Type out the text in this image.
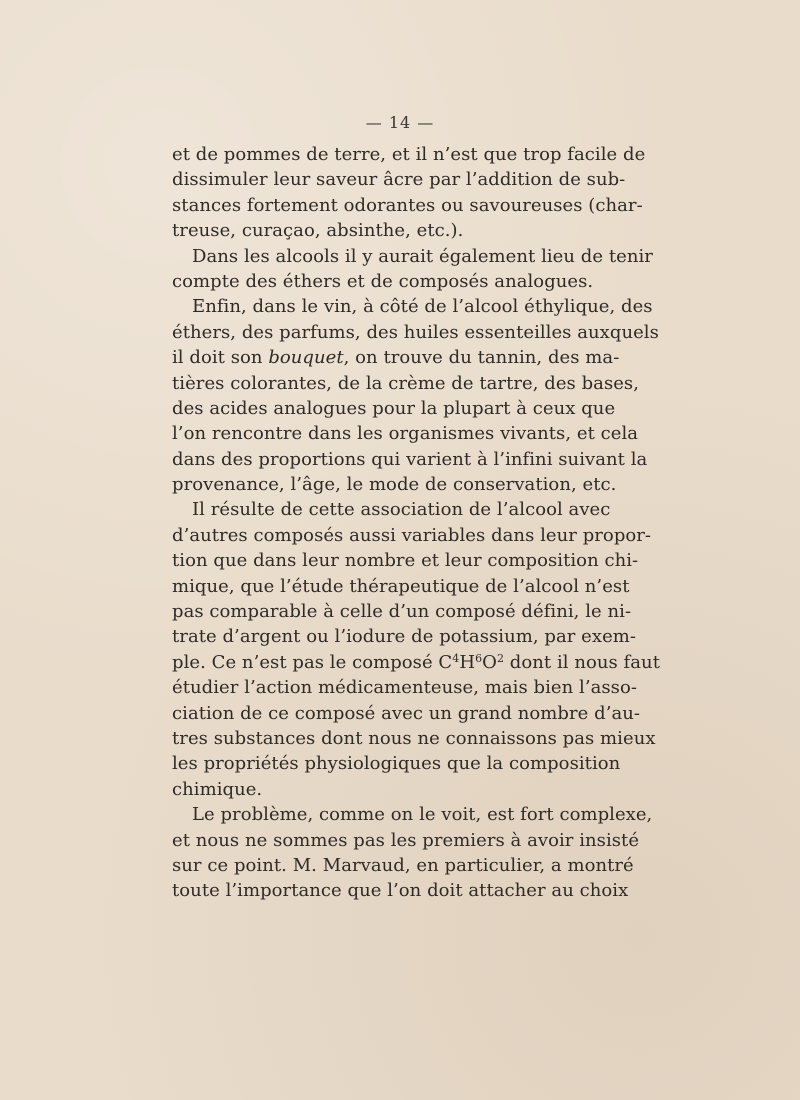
— 14 —
et de pommes de terre, et il n’est que trop facile de
dissimuler leur saveur âcre par l’addition de sub-
stances fortement odorantes ou savoureuses (char-
treuse, curaçao, absinthe, etc.).
Dans les alcools il y aurait également lieu de tenir
compte des éthers et de composés analogues.
Enfin, dans le vin, à côté de l’alcool éthylique, des
éthers, des parfums, des huiles essenteilles auxquels
il doit son bouquet, on trouve du tannin, des ma-
tières colorantes, de la crème de tartre, des bases,
des acides analogues pour la plupart à ceux que
l’on rencontre dans les organismes vivants, et cela
dans des proportions qui varient à l’infini suivant la
provenance, l’âge, le mode de conservation, etc.
Il résulte de cette association de l’alcool avec
d’autres composés aussi variables dans leur propor-
tion que dans leur nombre et leur composition chi-
mique, que l’étude thérapeutique de l’alcool n’est
pas comparable à celle d’un composé défini, le ni-
trate d’argent ou l’iodure de potassium, par exem-
ple. Ce n’est pas le composé $C^4H^6O^2$ dont il nous faut
étudier l’action médicamenteuse, mais bien l’asso-
ciation de ce composé avec un grand nombre d’au-
tres substances dont nous ne connaissons pas mieux
les propriétés physiologiques que la composition
chimique.
Le problème, comme on le voit, est fort complexe,
et nous ne sommes pas les premiers à avoir insisté
sur ce point. M. Marvaud, en particulier, a montré
toute l’importance que l’on doit attacher au choix
